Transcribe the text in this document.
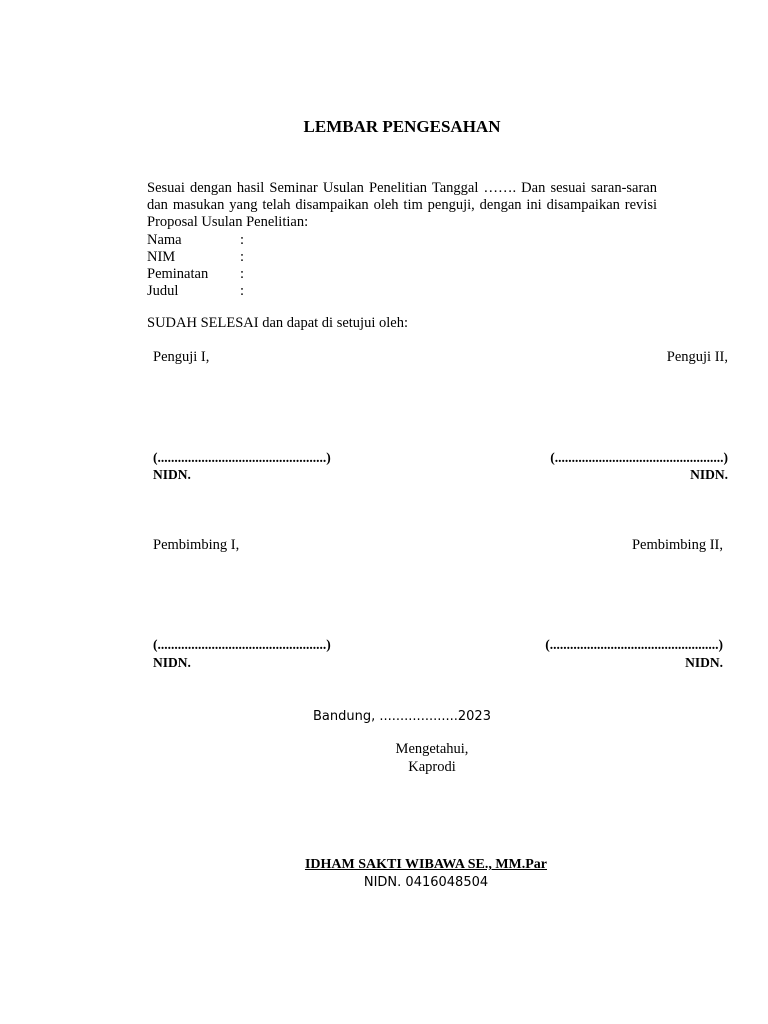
LEMBAR PENGESAHAN
Sesuai dengan hasil Seminar Usulan Penelitian Tanggal ……. Dan sesuai saran-saran dan masukan yang telah disampaikan oleh tim penguji, dengan ini disampaikan revisi Proposal Usulan Penelitian:
Nama	:
NIM	:
Peminatan :
Judul	:
SUDAH SELESAI dan dapat di setujui oleh:
Penguji I,
(..................................................)
NIDN.
Penguji II,
(..................................................)
NIDN.
Pembimbing I,
(..................................................)
NIDN.
Pembimbing II,
(..................................................)
NIDN.
Bandung, ...................2023
Mengetahui,
Kaprodi
IDHAM SAKTI WIBAWA SE., MM.Par
NIDN. 0416048504
